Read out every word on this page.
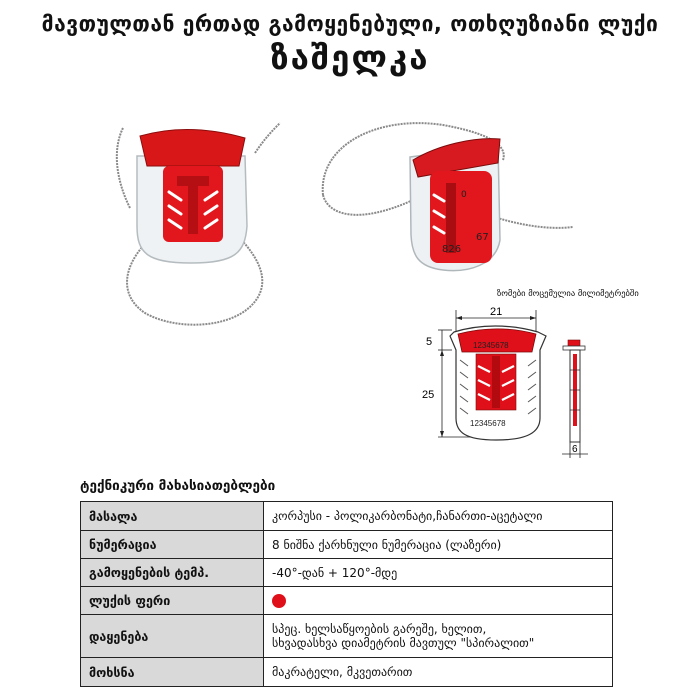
მავთულთან ერთად გამოყენებული, ოთხღუზიანი ლუქი
ზაშელკა
0
826
67
ზომები მოცემულია მილიმეტრებში
21
5
25
12345678
12345678
6
ტექნიკური მახასიათებლები
მასალა	კორპუსი - პოლიკარბონატი,ჩანართი-აცეტალი
ნუმერაცია	8 ნიშნა ქარხნული ნუმერაცია (ლაზერი)
გამოყენების ტემპ.	-40°-დან + 120°-მდე
ლუქის ფერი	
დაყენება	სპეც. ხელსაწყოების გარეშე, ხელით,
სხვადასხვა დიამეტრის მავთულ "სპირალით"

მოხსნა	მაკრატელი, მკვეთარით
